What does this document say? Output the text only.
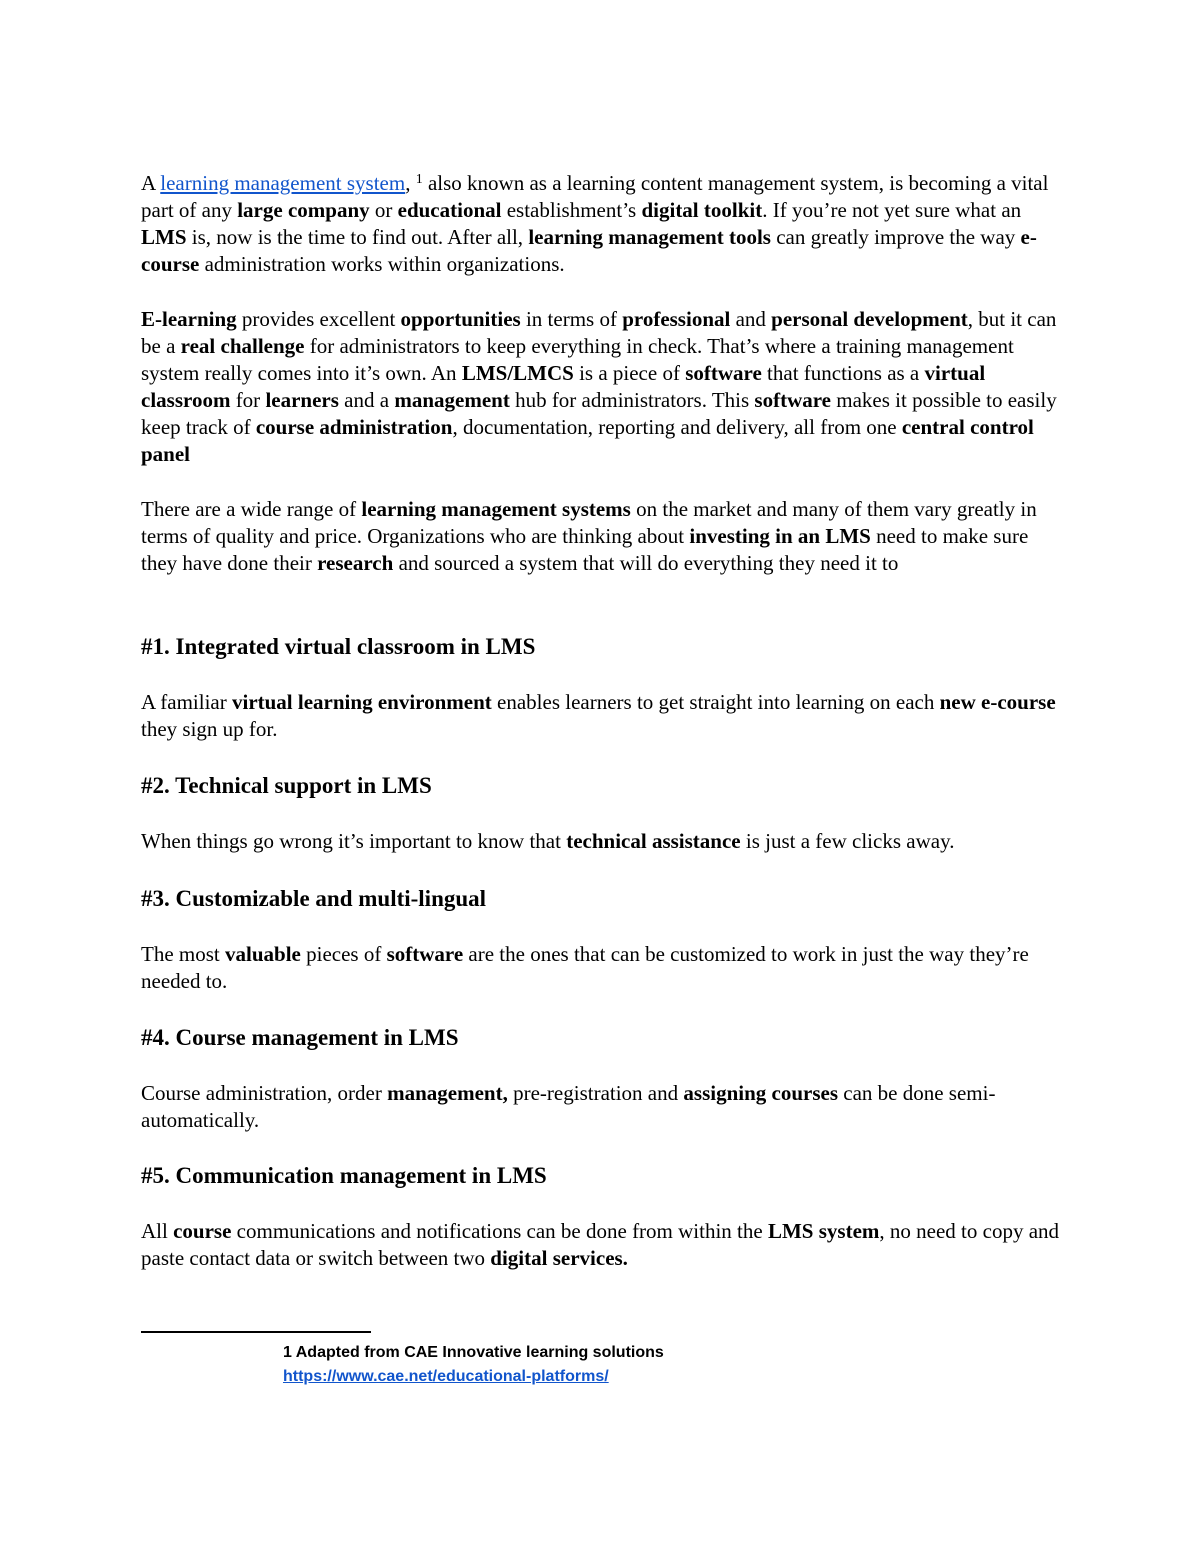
A learning management system, $^1$ also known as a learning content management system, is becoming a vital part of any large company or educational establishment’s digital toolkit. If you’re not yet sure what an LMS is, now is the time to find out. After all, learning management tools can greatly improve the way e-course administration works within organizations.

E-learning provides excellent opportunities in terms of professional and personal development, but it can be a real challenge for administrators to keep everything in check. That’s where a training management system really comes into it’s own. An LMS/LMCS is a piece of software that functions as a virtual classroom for learners and a management hub for administrators. This software makes it possible to easily keep track of course administration, documentation, reporting and delivery, all from one central control panel

There are a wide range of learning management systems on the market and many of them vary greatly in terms of quality and price. Organizations who are thinking about investing in an LMS need to make sure they have done their research and sourced a system that will do everything they need it to

#1. Integrated virtual classroom in LMS

A familiar virtual learning environment enables learners to get straight into learning on each new e-course they sign up for.

#2. Technical support in LMS

When things go wrong it’s important to know that technical assistance is just a few clicks away.

#3. Customizable and multi-lingual

The most valuable pieces of software are the ones that can be customized to work in just the way they’re needed to.

#4. Course management in LMS

Course administration, order management, pre-registration and assigning courses can be done semi-automatically.

#5. Communication management in LMS

All course communications and notifications can be done from within the LMS system, no need to copy and paste contact data or switch between two digital services.

1 Adapted from CAE Innovative learning solutions
https://www.cae.net/educational-platforms/
